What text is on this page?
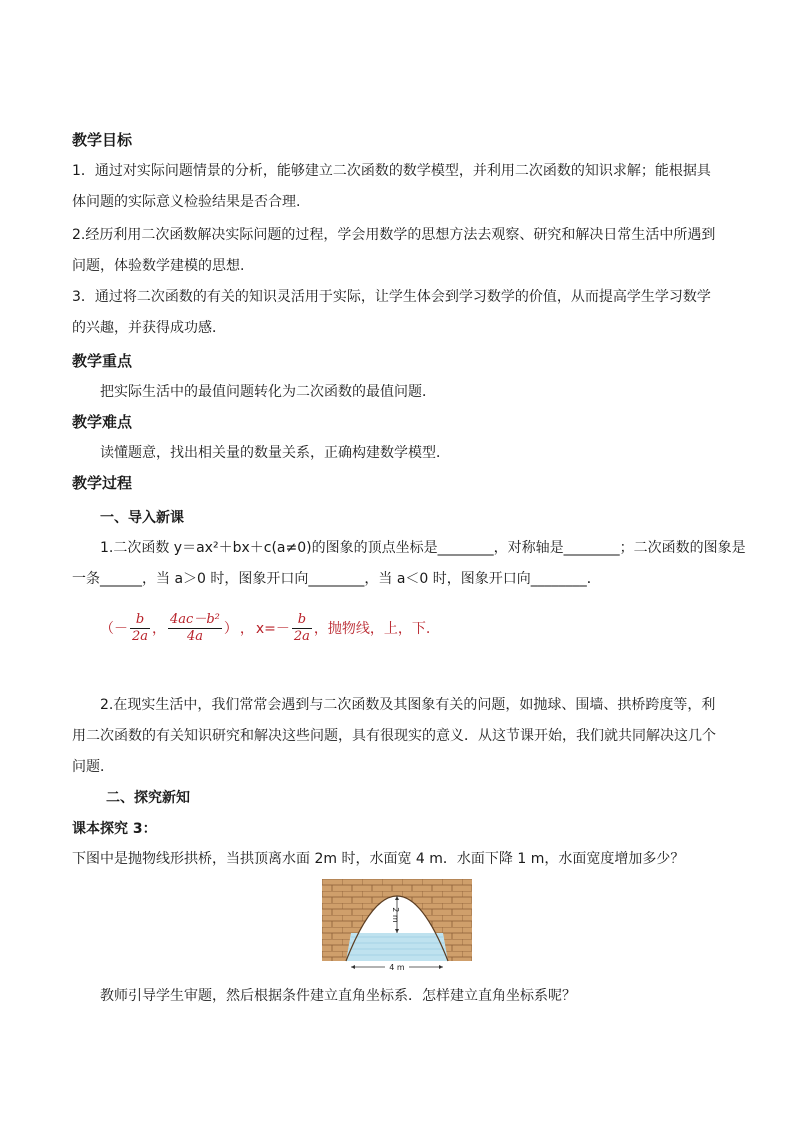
教学目标
1．通过对实际问题情景的分析，能够建立二次函数的数学模型，并利用二次函数的知识求解；能根据具体问题的实际意义检验结果是否合理.
2.经历利用二次函数解决实际问题的过程，学会用数学的思想方法去观察、研究和解决日常生活中所遇到问题，体验数学建模的思想.
3．通过将二次函数的有关的知识灵活用于实际，让学生体会到学习数学的价值，从而提高学生学习数学的兴趣，并获得成功感．
教学重点
把实际生活中的最值问题转化为二次函数的最值问题．
教学难点
读懂题意，找出相关量的数量关系，正确构建数学模型．
教学过程
一、导入新课
1.二次函数 y＝ax²＋bx＋c(a≠0)的图象的顶点坐标是________，对称轴是________；二次函数的图象是
一条______，当 a＞0 时，图象开口向________，当 a＜0 时，图象开口向________．
（－ $\frac{b}{2a}$ ， $\frac{\text{4ac－b²}}{4a}$ ） ， $x=- \frac{b}{2a}$ ，抛物线，上，下.
2.在现实生活中，我们常常会遇到与二次函数及其图象有关的问题，如抛球、围墙、拱桥跨度等，利用二次函数的有关知识研究和解决这些问题，具有很现实的意义．从这节课开始，我们就共同解决这几个问题．
二、探究新知
课本探究 3：
下图中是抛物线形拱桥，当拱顶离水面 2m 时，水面宽 4 m．水面下降 1 m，水面宽度增加多少？
2 m
4 m
教师引导学生审题，然后根据条件建立直角坐标系．怎样建立直角坐标系呢？
